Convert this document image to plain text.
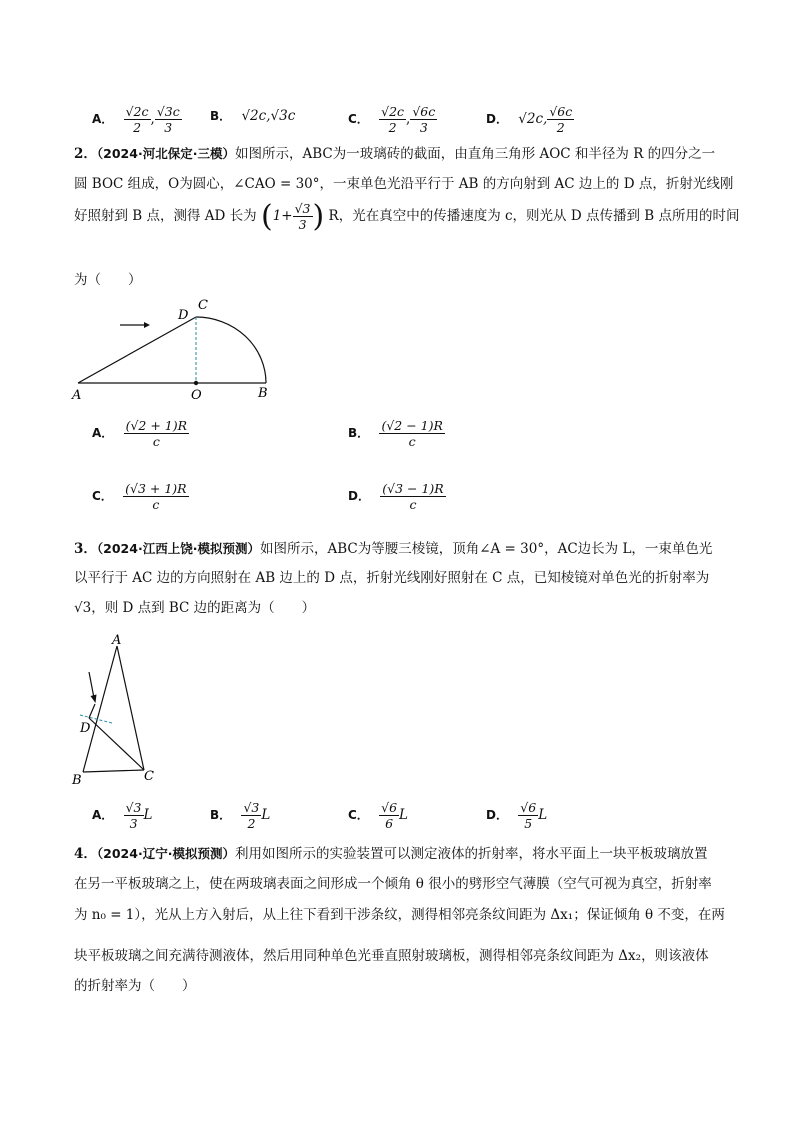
A． $\frac{√2c}{2}$ , $\frac{√3c}{3}$ B． √2c,√3c	C． $\frac{√2c}{2}$ , $\frac{√6c}{3}$	D． √2c, $\frac{√6c}{2}$
2．（2024·河北保定·三模）如图所示，ABC为一玻璃砖的截面，由直角三角形 AOC 和半径为 R 的四分之一
圆 BOC 组成，O为圆心，∠CAO = 30°，一束单色光沿平行于 AB 的方向射到 AC 边上的 D 点，折射光线刚
好照射到 B 点，测得 AD 长为 ($1+ \frac{√3}{3}$ ) R，光在真空中的传播速度为 c，则光从 D 点传播到 B 点所用的时间
为（　　）
A	O	B
C
D
A． $\frac{(√2 + 1)R}{c}$	B． $\frac{(√2 - 1)R}{c}$
C． $\frac{(√3 + 1)R}{c}$	D． $\frac{(√3 - 1)R}{c}$
3．（2024·江西上饶·模拟预测）如图所示，ABC为等腰三棱镜，顶角∠A = 30°，AC边长为 L，一束单色光
以平行于 AC 边的方向照射在 AB 边上的 D 点，折射光线刚好照射在 C 点，已知棱镜对单色光的折射率为
√3，则 D 点到 BC 边的距离为（　　）
A
D
B	C
A． $\frac{√3}{3}$ L	B． $\frac{√3}{2}$ L	C． $\frac{√6}{6}$ L	D． $\frac{√6}{5}$ L
4．（2024·辽宁·模拟预测）利用如图所示的实验装置可以测定液体的折射率，将水平面上一块平板玻璃放置
在另一平板玻璃之上，使在两玻璃表面之间形成一个倾角 θ 很小的劈形空气薄膜（空气可视为真空，折射率
为 n₀ = 1），光从上方入射后，从上往下看到干涉条纹，测得相邻亮条纹间距为 Δx₁；保证倾角 θ 不变，在两
块平板玻璃之间充满待测液体，然后用同种单色光垂直照射玻璃板，测得相邻亮条纹间距为 Δx₂，则该液体
的折射率为（　　）
